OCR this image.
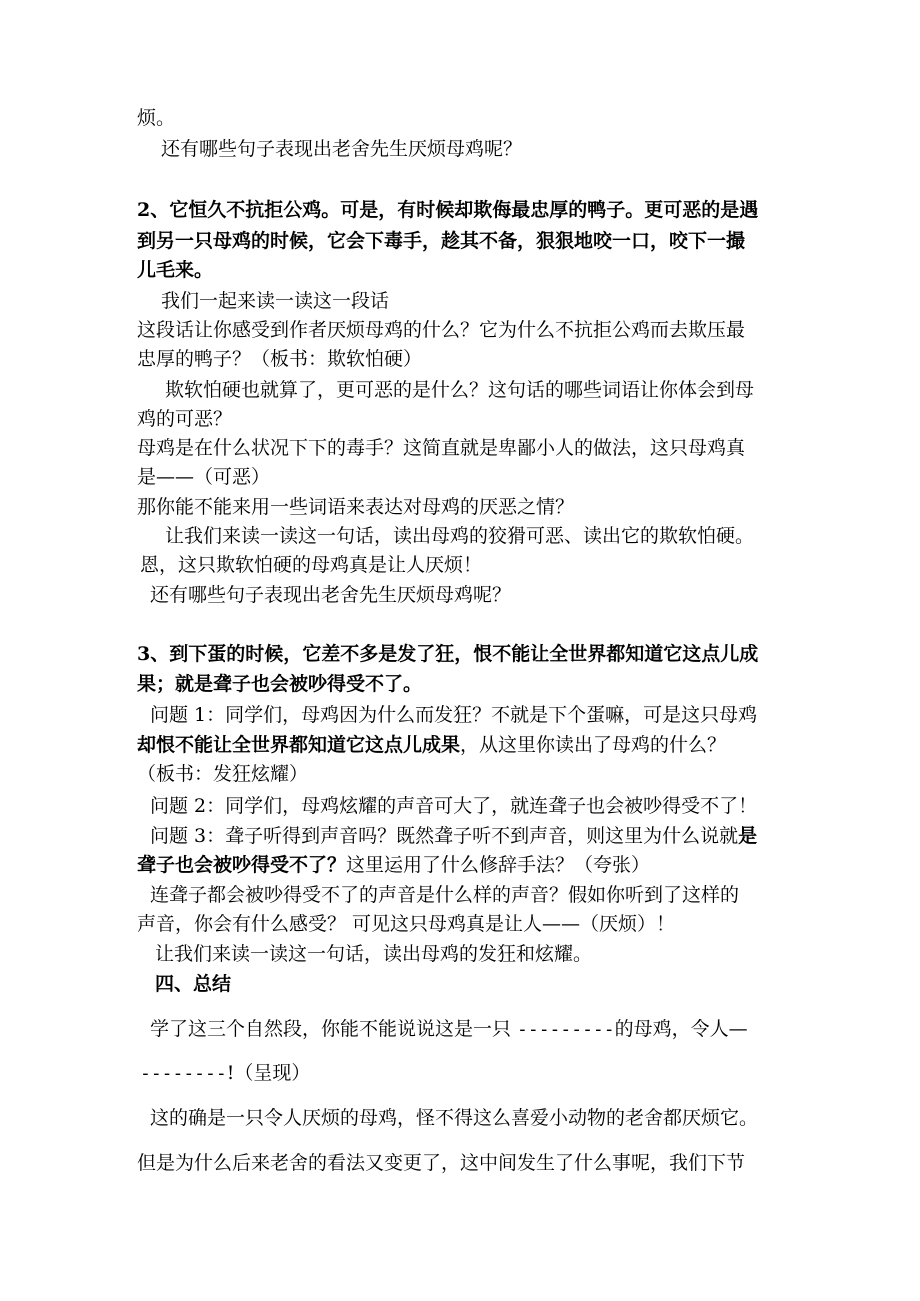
烦。

还有哪些句子表现出老舍先生厌烦母鸡呢？

2、它恒久不抗拒公鸡。可是，有时候却欺侮最忠厚的鸭子。更可恶的是遇

到另一只母鸡的时候，它会下毒手，趁其不备，狠狠地咬一口，咬下一撮

儿毛来。

我们一起来读一读这一段话

这段话让你感受到作者厌烦母鸡的什么？它为什么不抗拒公鸡而去欺压最

忠厚的鸭子？（板书：欺软怕硬）

欺软怕硬也就算了，更可恶的是什么？这句话的哪些词语让你体会到母

鸡的可恶？

母鸡是在什么状况下下的毒手？这简直就是卑鄙小人的做法，这只母鸡真

是——（可恶）

那你能不能来用一些词语来表达对母鸡的厌恶之情？

让我们来读一读这一句话，读出母鸡的狡猾可恶、读出它的欺软怕硬。

恩，这只欺软怕硬的母鸡真是让人厌烦！

还有哪些句子表现出老舍先生厌烦母鸡呢？

3、到下蛋的时候，它差不多是发了狂，恨不能让全世界都知道它这点儿成

果；就是聋子也会被吵得受不了。

问题 1：同学们，母鸡因为什么而发狂？不就是下个蛋嘛，可是这只母鸡

却恨不能让全世界都知道它这点儿成果，从这里你读出了母鸡的什么？

（板书：发狂炫耀）

问题 2：同学们，母鸡炫耀的声音可大了，就连聋子也会被吵得受不了！

问题 3：聋子听得到声音吗？既然聋子听不到声音，则这里为什么说就是

聋子也会被吵得受不了？这里运用了什么修辞手法？（夸张）

连聋子都会被吵得受不了的声音是什么样的声音？假如你听到了这样的

声音，你会有什么感受？ 可见这只母鸡真是让人——（厌烦）！

让我们来读一读这一句话，读出母鸡的发狂和炫耀。

四、总结

学了这三个自然段，你能不能说说这是一只 ---------的母鸡，令人—

--------!（呈现）

这的确是一只令人厌烦的母鸡，怪不得这么喜爱小动物的老舍都厌烦它。

但是为什么后来老舍的看法又变更了，这中间发生了什么事呢，我们下节
